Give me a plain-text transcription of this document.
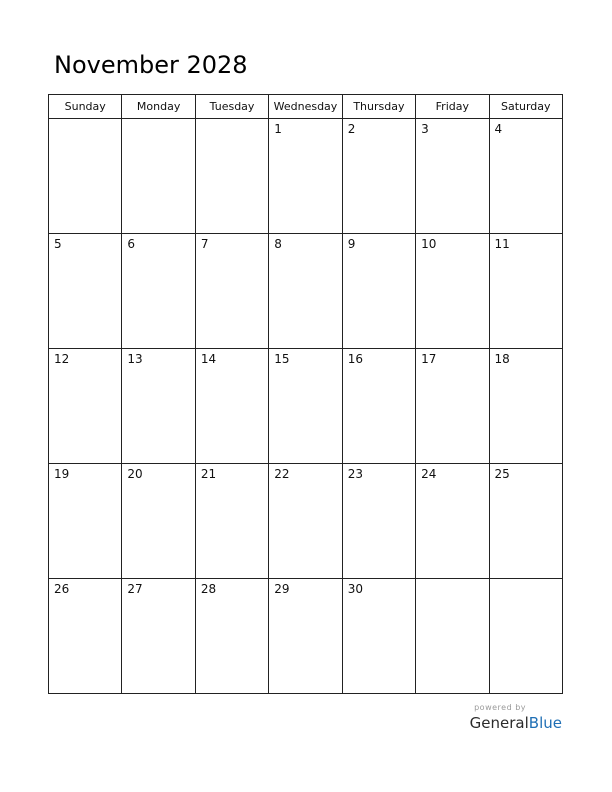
November 2028
Sunday	Monday	Tuesday	Wednesday	Thursday	Friday	Saturday

			1	2	3	4

5	6	7	8	9	10	11

12	13	14	15	16	17	18

19	20	21	22	23	24	25

26	27	28	29	30		

powered by
GeneralBlue
